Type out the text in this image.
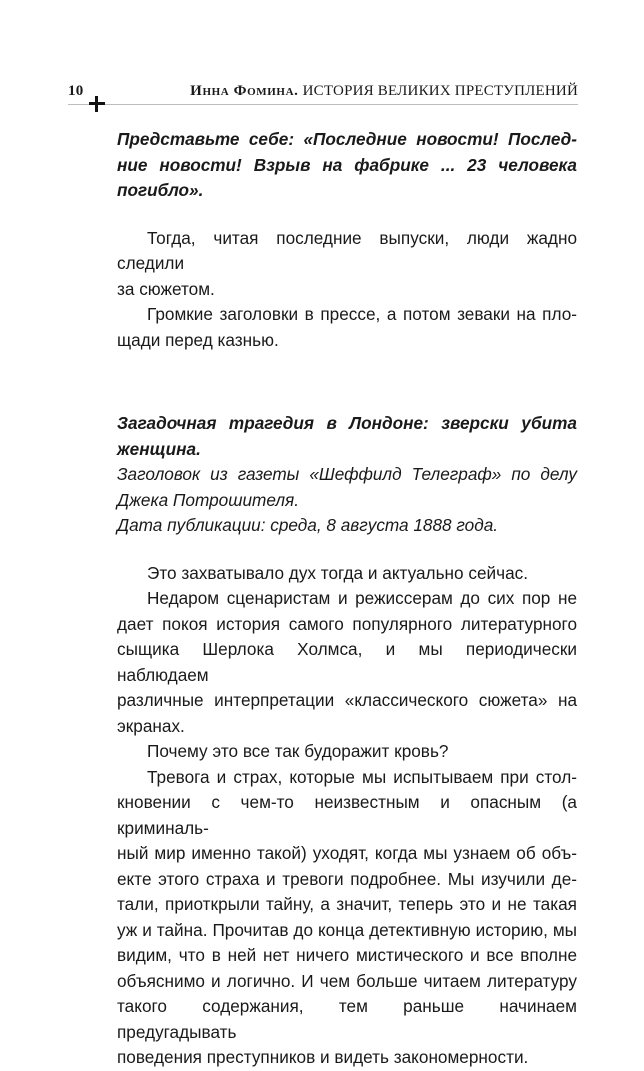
10	Инна Фомина. ИСТОРИЯ ВЕЛИКИХ ПРЕСТУПЛЕНИЙ

Представьте себе: «Последние новости! Послед-
ние новости! Взрыв на фабрике ... 23 человека
погибло».

Тогда, читая последние выпуски, люди жадно следили
за сюжетом.

Громкие заголовки в прессе, а потом зеваки на пло-
щади перед казнью.

Загадочная трагедия в Лондоне: зверски убита
женщина.

Заголовок из газеты «Шеффилд Телеграф» по делу
Джека Потрошителя.
Дата публикации: среда, 8 августа 1888 года.

Это захватывало дух тогда и актуально сейчас.

Недаром сценаристам и режиссерам до сих пор не
дает покоя история самого популярного литературного
сыщика Шерлока Холмса, и мы периодически наблюдаем
различные интерпретации «классического сюжета» на
экранах.

Почему это все так будоражит кровь?

Тревога и страх, которые мы испытываем при стол-
кновении с чем-то неизвестным и опасным (а криминаль-
ный мир именно такой) уходят, когда мы узнаем об объ-
екте этого страха и тревоги подробнее. Мы изучили де-
тали, приоткрыли тайну, а значит, теперь это и не такая
уж и тайна. Прочитав до конца детективную историю, мы
видим, что в ней нет ничего мистического и все вполне
объяснимо и логично. И чем больше читаем литературу
такого содержания, тем раньше начинаем предугадывать
поведения преступников и видеть закономерности.
